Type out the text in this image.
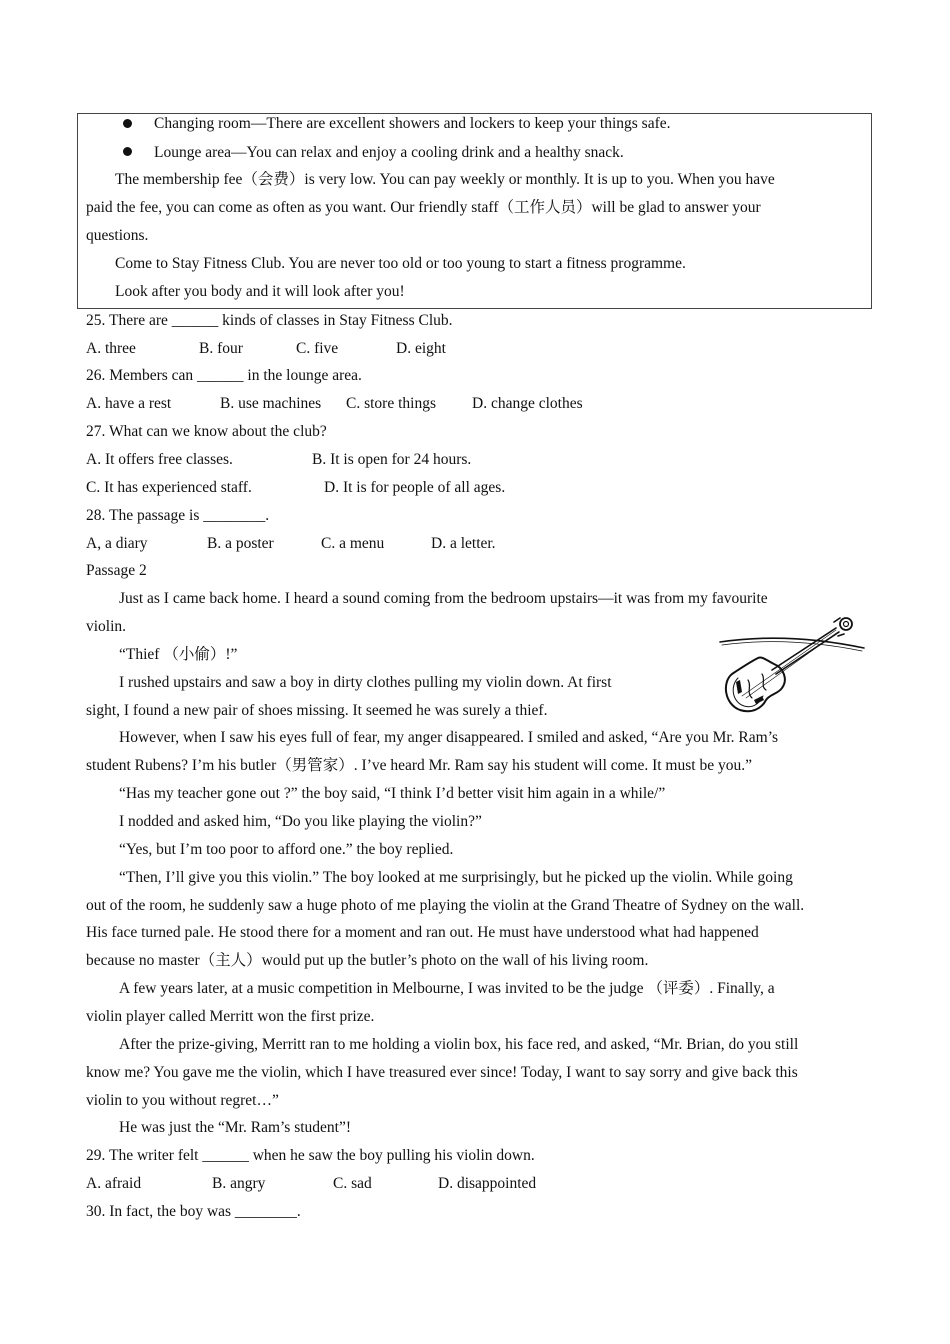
Changing room—There are excellent showers and lockers to keep your things safe.
Lounge area—You can relax and enjoy a cooling drink and a healthy snack.
The membership fee（会费）is very low. You can pay weekly or monthly. It is up to you. When you have
paid the fee, you can come as often as you want. Our friendly staff（工作人员）will be glad to answer your
questions.
Come to Stay Fitness Club. You are never too old or too young to start a fitness programme.
Look after you body and it will look after you!
25. There are ______ kinds of classes in Stay Fitness Club.
A. three	B. four	C. five	D. eight
26. Members can ______ in the lounge area.
A. have a rest	B. use machines C. store things D. change clothes
27. What can we know about the club?
A. It offers free classes.	B. It is open for 24 hours.
C. It has experienced staff.	D. It is for people of all ages.
28. The passage is ________.
A, a diary	B. a poster	C. a menu	D. a letter.
Passage 2
Just as I came back home. I heard a sound coming from the bedroom upstairs—it was from my favourite
violin.
“Thief （小偷）!”
I rushed upstairs and saw a boy in dirty clothes pulling my violin down. At first
sight, I found a new pair of shoes missing. It seemed he was surely a thief.
However, when I saw his eyes full of fear, my anger disappeared. I smiled and asked, “Are you Mr. Ram’s
student Rubens? I’m his butler（男管家）. I’ve heard Mr. Ram say his student will come. It must be you.”
“Has my teacher gone out ?” the boy said, “I think I’d better visit him again in a while/”
I nodded and asked him, “Do you like playing the violin?”
“Yes, but I’m too poor to afford one.” the boy replied.
“Then, I’ll give you this violin.” The boy looked at me surprisingly, but he picked up the violin. While going
out of the room, he suddenly saw a huge photo of me playing the violin at the Grand Theatre of Sydney on the wall.
His face turned pale. He stood there for a moment and ran out. He must have understood what had happened
because no master（主人）would put up the butler’s photo on the wall of his living room.
A few years later, at a music competition in Melbourne, I was invited to be the judge （评委）. Finally, a
violin player called Merritt won the first prize.
After the prize-giving, Merritt ran to me holding a violin box, his face red, and asked, “Mr. Brian, do you still
know me? You gave me the violin, which I have treasured ever since! Today, I want to say sorry and give back this
violin to you without regret…”
He was just the “Mr. Ram’s student”!
29. The writer felt ______ when he saw the boy pulling his violin down.
A. afraid	B. angry	C. sad	D. disappointed
30. In fact, the boy was ________.
